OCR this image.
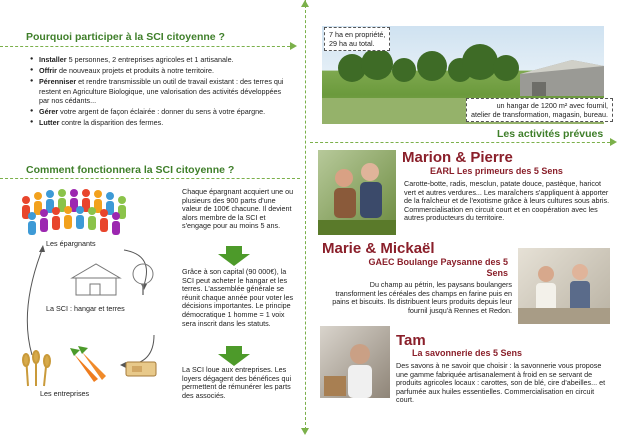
Pourquoi participer à la SCI citoyenne ?
● Installer 5 personnes, 2 entreprises agricoles et 1 artisanale.
● Offrir de nouveaux projets et produits à notre territoire.
● Pérenniser et rendre transmissible un outil de travail existant : des terres qui restent en Agriculture Biologique, une valorisation des activités développées par nos cédants...
● Gérer votre argent de façon éclairée : donner du sens à votre épargne.
● Lutter contre la disparition des fermes.
Comment fonctionnera la SCI citoyenne ?
Les épargnants
La SCI : hangar et terres
Les entreprises
Chaque épargnant acquiert une ou plusieurs des 900 parts d'une valeur de 100€ chacune. Il devient alors membre de la SCI et s'engage pour au moins 5 ans.
Grâce à son capital (90 000€), la SCI peut acheter le hangar et les terres. L'assemblée générale se réunit chaque année pour voter les décisions importantes. Le principe démocratique 1 homme = 1 voix sera inscrit dans les statuts.
La SCI loue aux entreprises. Les loyers dégagent des bénéfices qui permettent de rémunérer les parts des associés.
7 ha en propriété,
29 ha au total.
un hangar de 1200 m² avec fournil,
atelier de transformation, magasin, bureau.
Les activités prévues
Marion & Pierre
EARL Les primeurs des 5 Sens
Carotte-botte, radis, mesclun, patate douce, pastèque, haricot vert et autres verdures... Les maraîchers s'appliquent à apporter de la fraîcheur et de l'exotisme grâce à leurs cultures sous abris. Commercialisation en circuit court et en coopération avec les autres producteurs du territoire.
Marie & Mickaël
GAEC Boulange Paysanne des 5 Sens
Du champ au pétrin, les paysans boulangers transforment les céréales des champs en farine puis en pains et biscuits. Ils distribuent leurs produits depuis leur fournil jusqu'à Rennes et Redon.
Tam
La savonnerie des 5 Sens
Des savons à ne savoir que choisir : la savonnerie vous propose une gamme fabriquée artisanalement à froid en se servant de produits agricoles locaux : carottes, son de blé, cire d'abeilles... et parfumée aux huiles essentielles. Commercialisation en circuit court.
